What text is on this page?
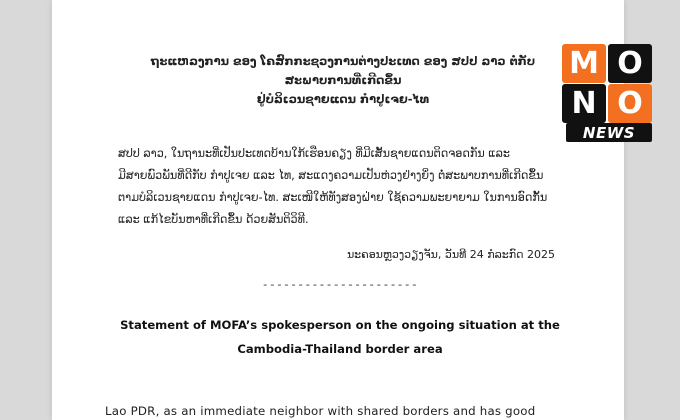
ຖະແຫລງການ ຂອງ ໂຄສົກກະຊວງການຕ່າງປະເທດ ຂອງ ສປປ ລາວ ຕໍ່ກັບສະພາບການທີ່ເກີດຂຶ້ນ
ຢູ່ບໍລິເວນຊາຍແດນ ກໍາປູເຈຍ-ໄທ
ສປປ ລາວ, ໃນຖານະທີ່ເປັນປະເທດບ້ານໃກ້ເຮືອນຄຽງ ທີ່ມີເສັ້ນຊາຍແດນຕິດຈອດກັນ ແລະ
ມີສາຍພົວພັນທີ່ດີກັບ ກໍາປູເຈຍ ແລະ ໄທ, ສະແດງຄວາມເປັນຫ່ວງຢ່າງຍິ່ງ ຕໍ່ສະພາບການທີ່ເກີດຂຶ້ນ
ຕາມບໍລິເວນຊາຍແດນ ກໍາປູເຈຍ-ໄທ. ສະເໜີໃຫ້ທັງສອງຝ່າຍ ໃຊ້ຄວາມພະຍາຍາມ ໃນການອົດກັ້ນ
ແລະ ແກ້ໄຂບັນຫາທີ່ເກີດຂຶ້ນ ດ້ວຍສັນຕິວິທີ.
ນະຄອນຫຼວງວຽງຈັນ, ວັນທີ 24 ກໍລະກົດ 2025
----------------------
Statement of MOFA’s spokesperson on the ongoing situation at the
Cambodia-Thailand border area
Lao PDR, as an immediate neighbor with shared borders and has good
M O
N O
NEWS
